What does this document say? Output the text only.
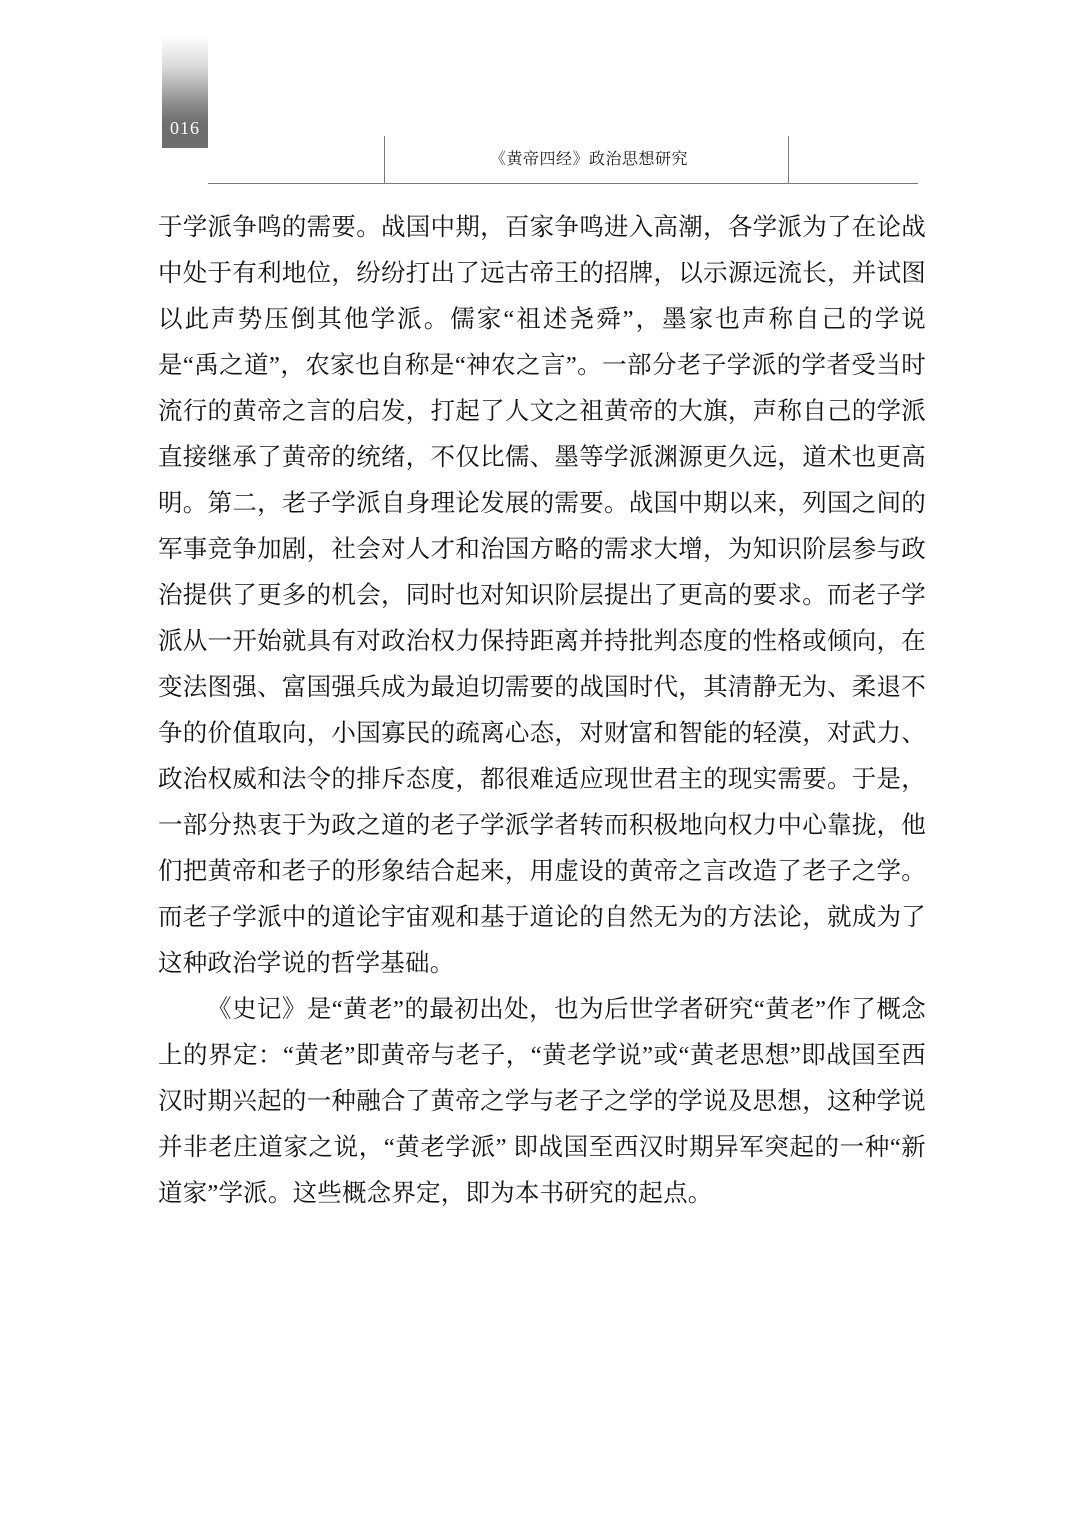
016
《黄帝四经》政治思想研究

于学派争鸣的需要。战国中期，百家争鸣进入高潮，各学派为了在论战中处于有利地位，纷纷打出了远古帝王的招牌，以示源远流长，并试图以此声势压倒其他学派。儒家“祖述尧舜”，墨家也声称自己的学说是“禹之道”，农家也自称是“神农之言”。一部分老子学派的学者受当时流行的黄帝之言的启发，打起了人文之祖黄帝的大旗，声称自己的学派直接继承了黄帝的统绪，不仅比儒、墨等学派渊源更久远，道术也更高明。第二，老子学派自身理论发展的需要。战国中期以来，列国之间的军事竞争加剧，社会对人才和治国方略的需求大增，为知识阶层参与政治提供了更多的机会，同时也对知识阶层提出了更高的要求。而老子学派从一开始就具有对政治权力保持距离并持批判态度的性格或倾向，在变法图强、富国强兵成为最迫切需要的战国时代，其清静无为、柔退不争的价值取向，小国寡民的疏离心态，对财富和智能的轻漠，对武力、政治权威和法令的排斥态度，都很难适应现世君主的现实需要。于是，一部分热衷于为政之道的老子学派学者转而积极地向权力中心靠拢，他们把黄帝和老子的形象结合起来，用虚设的黄帝之言改造了老子之学。而老子学派中的道论宇宙观和基于道论的自然无为的方法论，就成为了这种政治学说的哲学基础。

《史记》是“黄老”的最初出处，也为后世学者研究“黄老”作了概念上的界定：“黄老”即黄帝与老子，“黄老学说”或“黄老思想”即战国至西汉时期兴起的一种融合了黄帝之学与老子之学的学说及思想，这种学说并非老庄道家之说，“黄老学派” 即战国至西汉时期异军突起的一种“新道家”学派。这些概念界定，即为本书研究的起点。
